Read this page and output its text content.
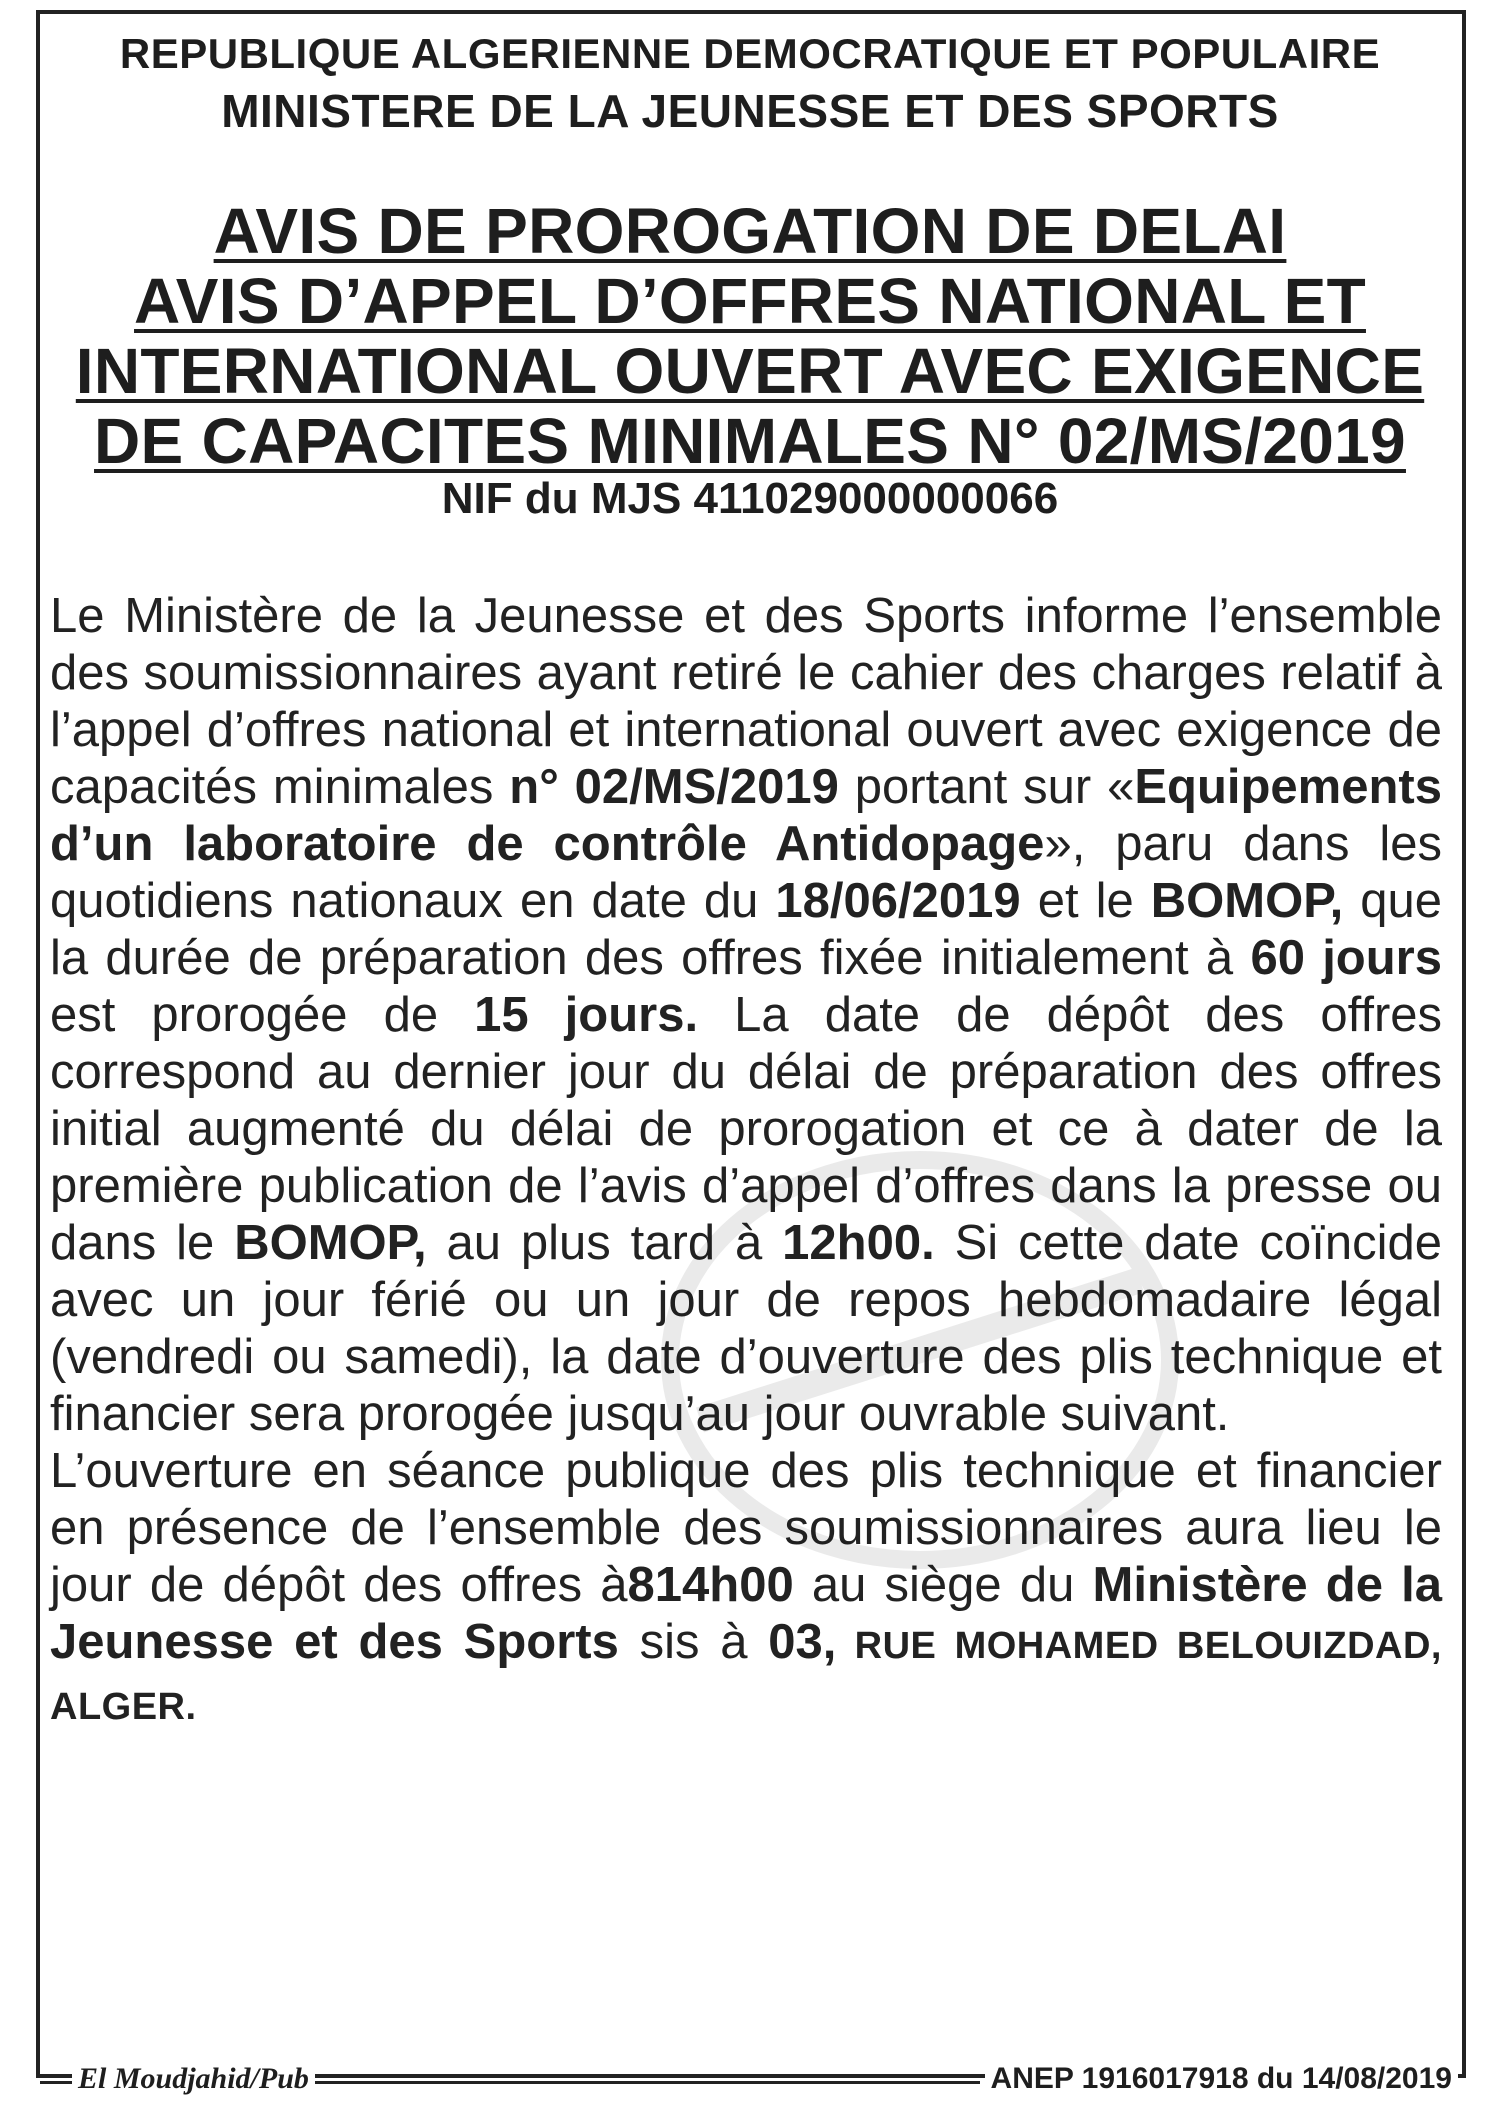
REPUBLIQUE ALGERIENNE DEMOCRATIQUE ET POPULAIRE
MINISTERE DE LA JEUNESSE ET DES SPORTS
AVIS DE PROROGATION DE DELAI
AVIS D’APPEL D’OFFRES NATIONAL ET
INTERNATIONAL OUVERT AVEC EXIGENCE
DE CAPACITES MINIMALES N° 02/MS/2019
NIF du MJS 411029000000066

Le Ministère de la Jeunesse et des Sports informe l’ensemble des soumissionnaires ayant retiré le cahier des charges relatif à l’appel d’offres national et international ouvert avec exigence de capacités minimales n° 02/MS/2019 portant sur «Equipements d’un laboratoire de contrôle Antidopage», paru dans les quotidiens nationaux en date du 18/06/2019 et le BOMOP, que la durée de préparation des offres fixée initialement à 60 jours est prorogée de 15 jours. La date de dépôt des offres correspond au dernier jour du délai de préparation des offres initial augmenté du délai de prorogation et ce à dater de la première publication de l’avis d’appel d’offres dans la presse ou dans le BOMOP, au plus tard à 12h00. Si cette date coïncide avec un jour férié ou un jour de repos hebdomadaire légal (vendredi ou samedi), la date d’ouverture des plis technique et financier sera prorogée jusqu’au jour ouvrable suivant.

L’ouverture en séance publique des plis technique et financier en présence de l’ensemble des soumissionnaires aura lieu le jour de dépôt des offres à814h00 au siège du Ministère de la Jeunesse et des Sports sis à 03, RUE MOHAMED BELOUIZDAD, ALGER.

El Moudjahid/Pub	ANEP 1916017918 du 14/08/2019
